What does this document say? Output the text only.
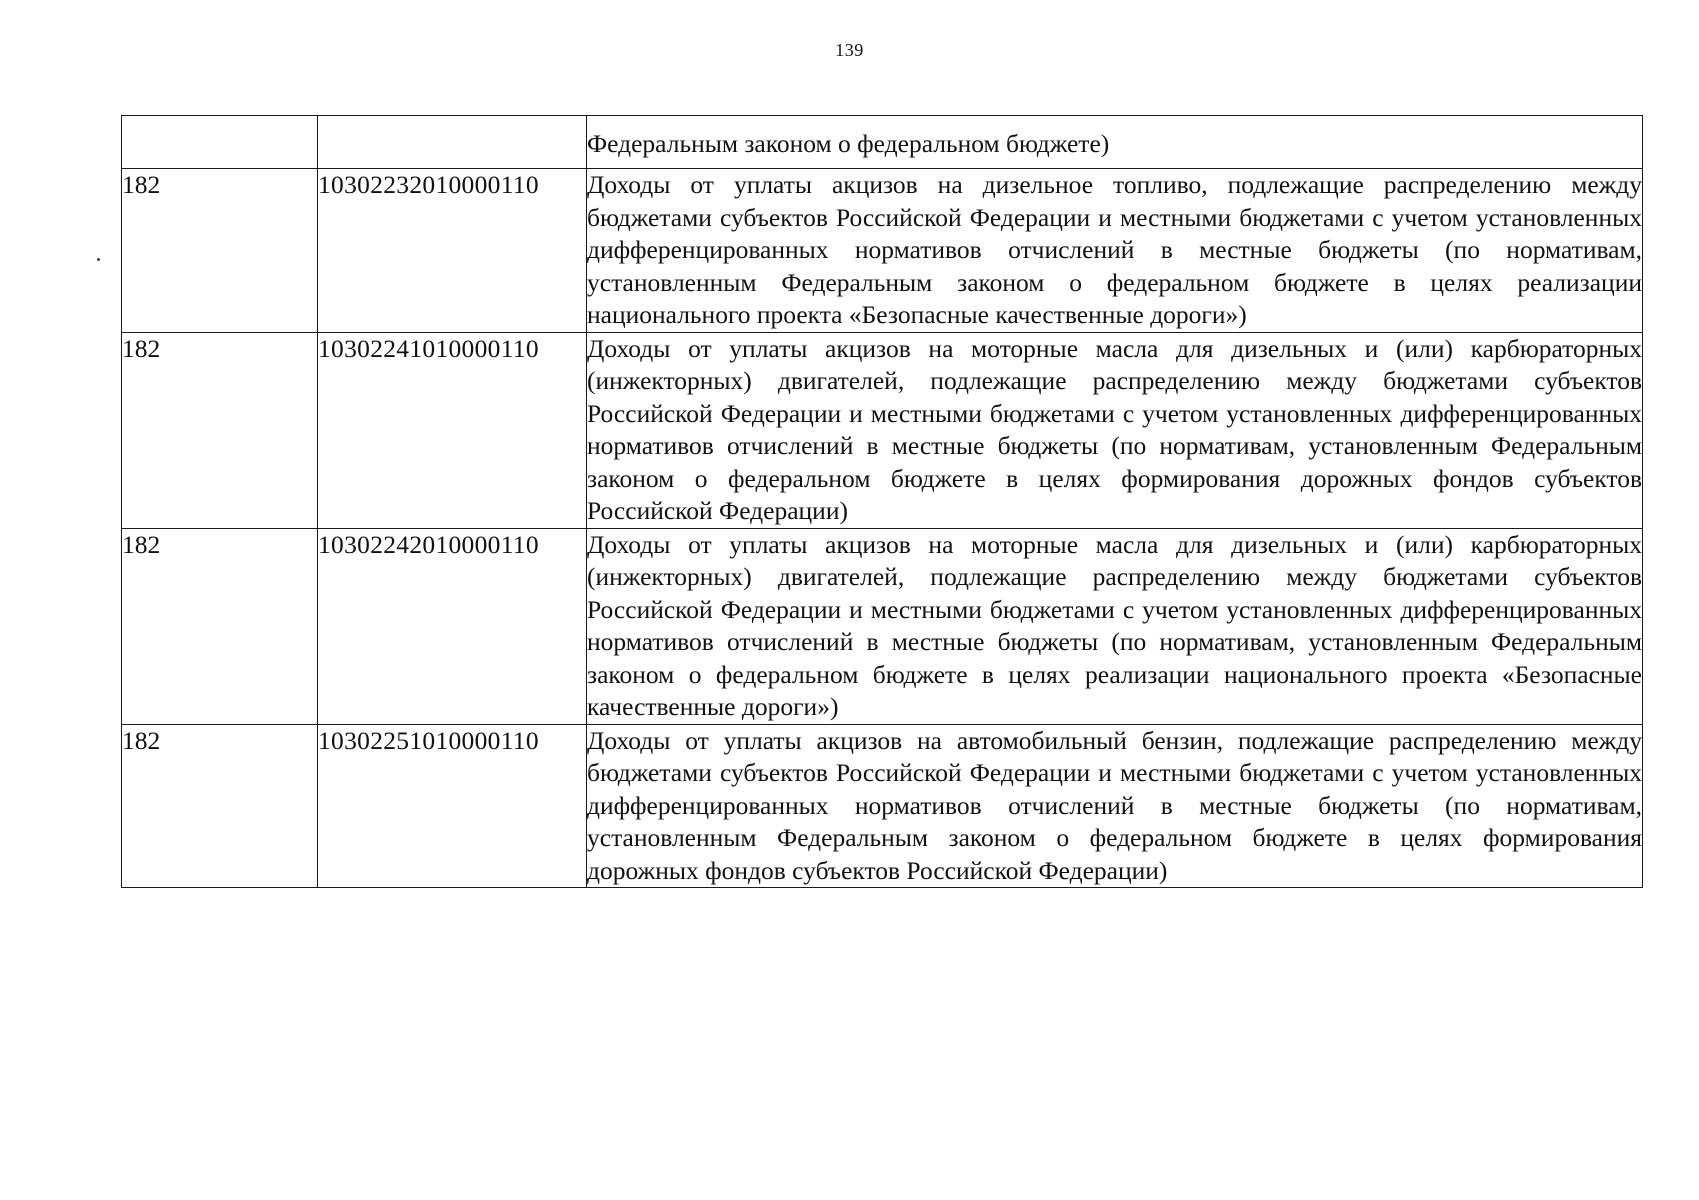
139
		Федеральным законом о федеральном бюджете)
182	10302232010000110	Доходы от уплаты акцизов на дизельное топливо, подлежащие распределению между бюджетами субъектов Российской Федерации и местными бюджетами с учетом установленных дифференцированных нормативов отчислений в местные бюджеты (по нормативам, установленным Федеральным законом о федеральном бюджете в целях реализации национального проекта «Безопасные качественные дороги»)
182	10302241010000110	Доходы от уплаты акцизов на моторные масла для дизельных и (или) карбюраторных (инжекторных) двигателей, подлежащие распределению между бюджетами субъектов Российской Федерации и местными бюджетами с учетом установленных дифференцированных нормативов отчислений в местные бюджеты (по нормативам, установленным Федеральным законом о федеральном бюджете в целях формирования дорожных фондов субъектов Российской Федерации)
182	10302242010000110	Доходы от уплаты акцизов на моторные масла для дизельных и (или) карбюраторных (инжекторных) двигателей, подлежащие распределению между бюджетами субъектов Российской Федерации и местными бюджетами с учетом установленных дифференцированных нормативов отчислений в местные бюджеты (по нормативам, установленным Федеральным законом о федеральном бюджете в целях реализации национального проекта «Безопасные качественные дороги»)
182	10302251010000110	Доходы от уплаты акцизов на автомобильный бензин, подлежащие распределению между бюджетами субъектов Российской Федерации и местными бюджетами с учетом установленных дифференцированных нормативов отчислений в местные бюджеты (по нормативам, установленным Федеральным законом о федеральном бюджете в целях формирования дорожных фондов субъектов Российской Федерации)
